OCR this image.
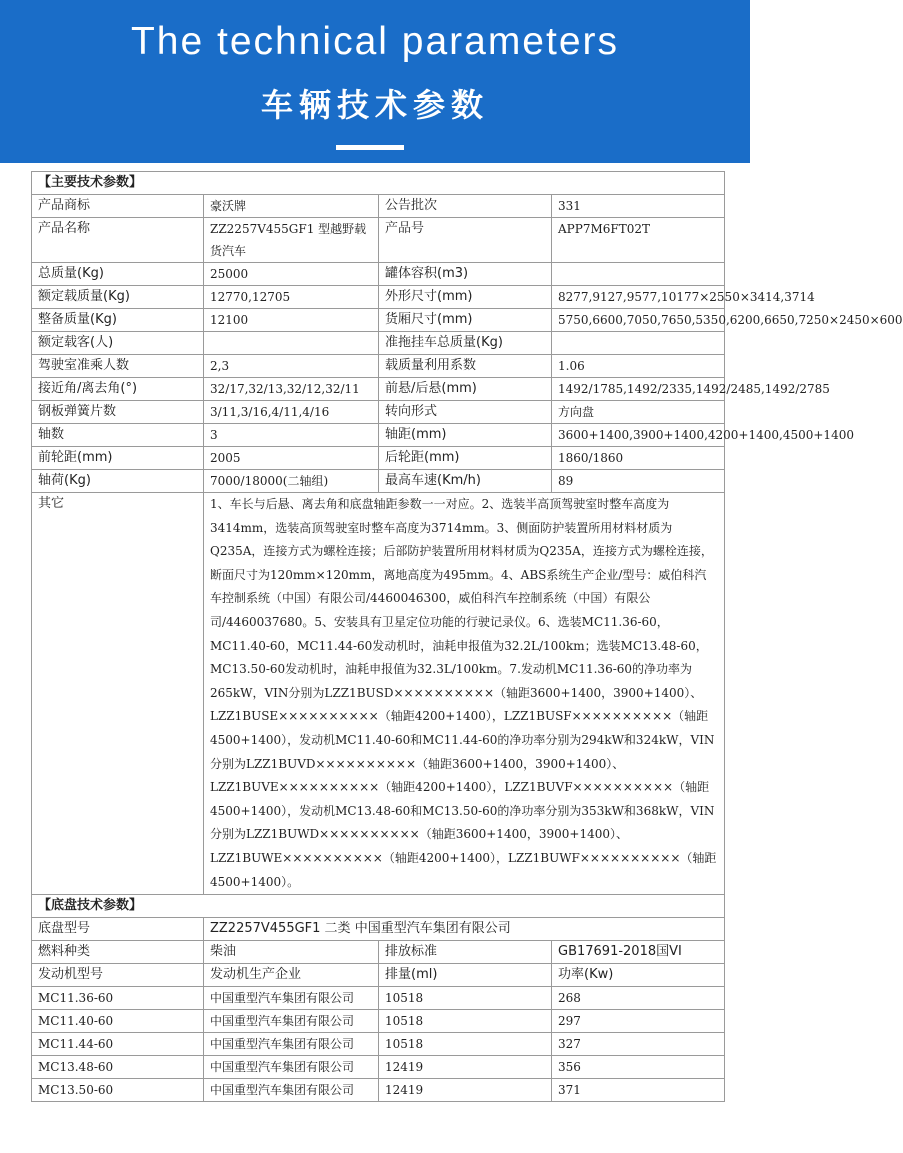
The technical parameters
车辆技术参数
【主要技术参数】			
产品商标	豪沃牌	公告批次	331
产品名称	ZZ2257V455GF1 型越野载货汽车	产品号	APP7M6FT02T
总质量(Kg)	25000	罐体容积(m3)	
额定载质量(Kg)	12770,12705	外形尺寸(mm)	8277,9127,9577,10177×2550×3414,3714
整备质量(Kg)	12100	货厢尺寸(mm)	5750,6600,7050,7650,5350,6200,6650,7250×2450×600
额定载客(人)		准拖挂车总质量(Kg)	
驾驶室准乘人数	2,3	载质量利用系数	1.06
接近角/离去角(°)	32/17,32/13,32/12,32/11	前悬/后悬(mm)	1492/1785,1492/2335,1492/2485,1492/2785
钢板弹簧片数	3/11,3/16,4/11,4/16	转向形式	方向盘
轴数	3	轴距(mm)	3600+1400,3900+1400,4200+1400,4500+1400
前轮距(mm)	2005	后轮距(mm)	1860/1860
轴荷(Kg)	7000/18000(二轴组)	最高车速(Km/h)	89
其它	1、车长与后悬、离去角和底盘轴距参数一一对应。2、选装半高顶驾驶室时整车高度为3414mm，选装高顶驾驶室时整车高度为3714mm。3、侧面防护装置所用材料材质为Q235A，连接方式为螺栓连接；后部防护装置所用材料材质为Q235A，连接方式为螺栓连接，断面尺寸为120mm×120mm，离地高度为495mm。4、ABS系统生产企业/型号：威伯科汽车控制系统（中国）有限公司/4460046300，威伯科汽车控制系统（中国）有限公司/4460037680。5、安装具有卫星定位功能的行驶记录仪。6、选装MC11.36-60，MC11.40-60，MC11.44-60发动机时，油耗申报值为32.2L/100km；选装MC13.48-60，MC13.50-60发动机时，油耗申报值为32.3L/100km。7.发动机MC11.36-60的净功率为265kW，VIN分别为LZZ1BUSD××××××××××（轴距3600+1400，3900+1400）、LZZ1BUSE××××××××××（轴距4200+1400），LZZ1BUSF××××××××××（轴距4500+1400），发动机MC11.40-60和MC11.44-60的净功率分别为294kW和324kW，VIN分别为LZZ1BUVD××××××××××（轴距3600+1400，3900+1400）、LZZ1BUVE××××××××××（轴距4200+1400），LZZ1BUVF××××××××××（轴距4500+1400），发动机MC13.48-60和MC13.50-60的净功率分别为353kW和368kW，VIN分别为LZZ1BUWD××××××××××（轴距3600+1400，3900+1400）、LZZ1BUWE××××××××××（轴距4200+1400），LZZ1BUWF××××××××××（轴距4500+1400）。		
【底盘技术参数】			
底盘型号	ZZ2257V455GF1 二类 中国重型汽车集团有限公司		
燃料种类	柴油	排放标准	GB17691-2018国VI
发动机型号	发动机生产企业	排量(ml)	功率(Kw)
MC11.36-60	中国重型汽车集团有限公司	10518	268
MC11.40-60	中国重型汽车集团有限公司	10518	297
MC11.44-60	中国重型汽车集团有限公司	10518	327
MC13.48-60	中国重型汽车集团有限公司	12419	356
MC13.50-60	中国重型汽车集团有限公司	12419	371
